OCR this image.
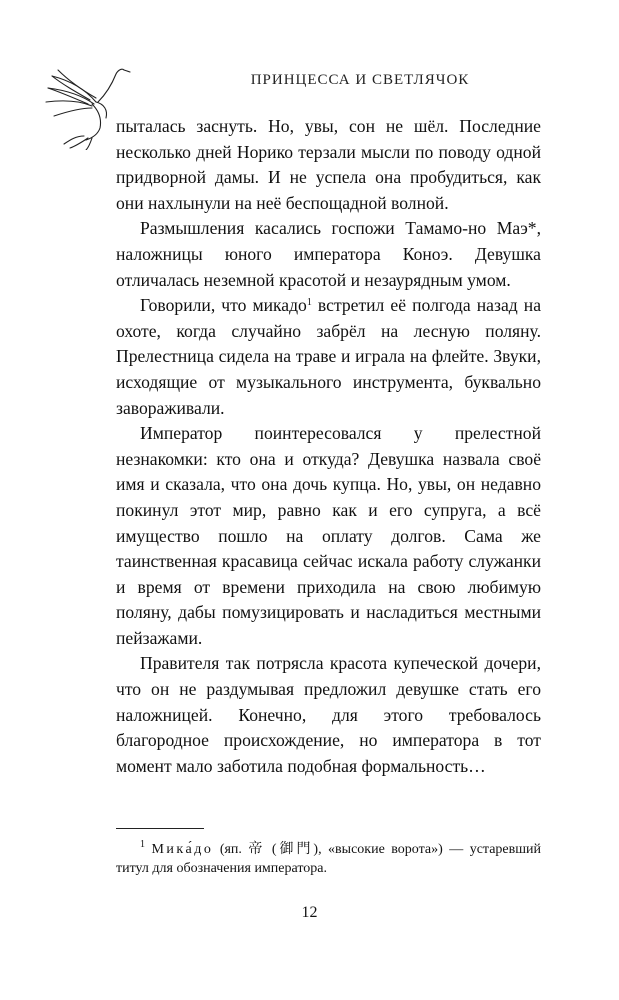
ПРИНЦЕССА И СВЕТЛЯЧОК

пыталась заснуть. Но, увы, сон не шёл. Последние несколько дней Норико терзали мысли по поводу одной придворной дамы. И не успела она пробудиться, как они нахлынули на неё беспощадной волной.

Размышления касались госпожи Тамамо-но Маэ*, наложницы юного императора Коноэ. Девушка отличалась неземной красотой и незаурядным умом.

Говорили, что микадо$^1$ встретил её полгода назад на охоте, когда случайно забрёл на лесную поляну. Прелестница сидела на траве и играла на флейте. Звуки, исходящие от музыкального инструмента, буквально завораживали.

Император поинтересовался у прелестной незнакомки: кто она и откуда? Девушка назвала своё имя и сказала, что она дочь купца. Но, увы, он недавно покинул этот мир, равно как и его супруга, а всё имущество пошло на оплату долгов. Сама же таинственная красавица сейчас искала работу служанки и время от времени приходила на свою любимую поляну, дабы помузицировать и насладиться местными пейзажами.

Правителя так потрясла красота купеческой дочери, что он не раздумывая предложил девушке стать его наложницей. Конечно, для этого требовалось благородное происхождение, но императора в тот момент мало заботила подобная формальность…

$^1$ Мика́до (яп. 帝 (御門), «высокие ворота») — устаревший титул для обозначения императора.
12
